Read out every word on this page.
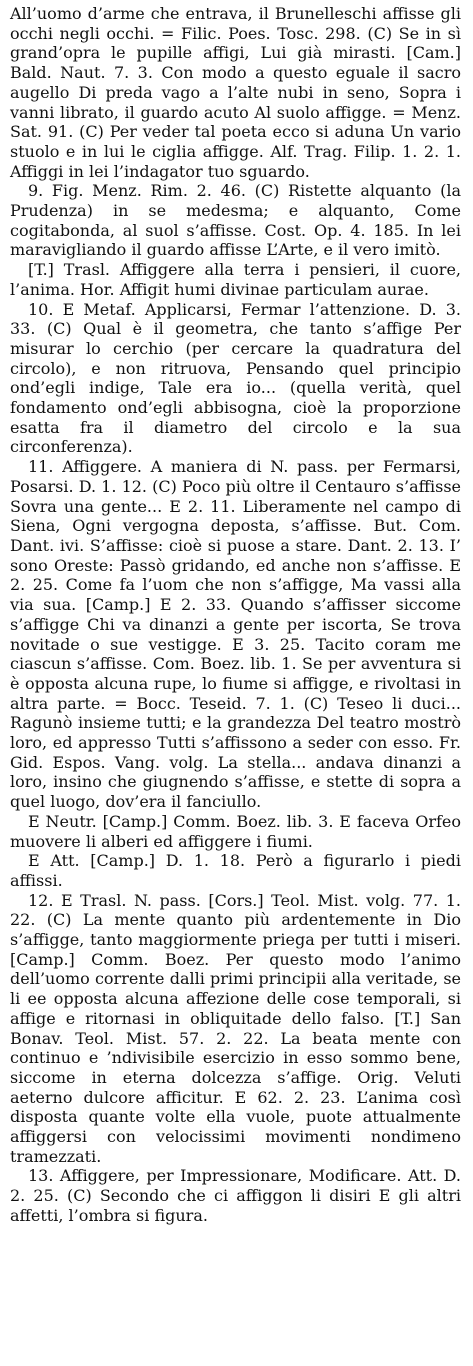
All’uomo d’arme che entrava, il Brunelleschi affisse gli occhi negli occhi. = Filic. Poes. Tosc. 298. (C) Se in sì grand’opra le pupille affigi, Lui già mirasti. [Cam.] Bald. Naut. 7. 3. Con modo a questo eguale il sacro augello Di preda vago a l’alte nubi in seno, Sopra i vanni librato, il guardo acuto Al suolo affigge. = Menz. Sat. 91. (C) Per veder tal poeta ecco si aduna Un vario stuolo e in lui le ciglia affigge. Alf. Trag. Filip. 1. 2. 1. Affiggi in lei l’indagator tuo sguardo.

9. Fig. Menz. Rim. 2. 46. (C) Ristette alquanto (la Prudenza) in se medesma; e alquanto, Come cogitabonda, al suol s’affisse. Cost. Op. 4. 185. In lei maravigliando il guardo affisse L’Arte, e il vero imitò.

[T.] Trasl. Affiggere alla terra i pensieri, il cuore, l’anima. Hor. Affigit humi divinae particulam aurae.

10. E Metaf. Applicarsi, Fermar l’attenzione. D. 3. 33. (C) Qual è il geometra, che tanto s’affige Per misurar lo cerchio (per cercare la quadratura del circolo), e non ritruova, Pensando quel principio ond’egli indige, Tale era io... (quella verità, quel fondamento ond’egli abbisogna, cioè la proporzione esatta fra il diametro del circolo e la sua circonferenza).

11. Affiggere. A maniera di N. pass. per Fermarsi, Posarsi. D. 1. 12. (C) Poco più oltre il Centauro s’affisse Sovra una gente... E 2. 11. Liberamente nel campo di Siena, Ogni vergogna deposta, s’affisse. But. Com. Dant. ivi. S’affisse: cioè si puose a stare. Dant. 2. 13. I’ sono Oreste: Passò gridando, ed anche non s’affisse. E 2. 25. Come fa l’uom che non s’affigge, Ma vassi alla via sua. [Camp.] E 2. 33. Quando s’affisser siccome s’affigge Chi va dinanzi a gente per iscorta, Se trova novitade o sue vestigge. E 3. 25. Tacito coram me ciascun s’affisse. Com. Boez. lib. 1. Se per avventura si è opposta alcuna rupe, lo fiume si affigge, e rivoltasi in altra parte. = Bocc. Teseid. 7. 1. (C) Teseo li duci... Ragunò insieme tutti; e la grandezza Del teatro mostrò loro, ed appresso Tutti s’affissono a seder con esso. Fr. Gid. Espos. Vang. volg. La stella... andava dinanzi a loro, insino che giugnendo s’affisse, e stette di sopra a quel luogo, dov’era il fanciullo.

E Neutr. [Camp.] Comm. Boez. lib. 3. E faceva Orfeo muovere li alberi ed affiggere i fiumi.

E Att. [Camp.] D. 1. 18. Però a figurarlo i piedi affissi.

12. E Trasl. N. pass. [Cors.] Teol. Mist. volg. 77. 1. 22. (C) La mente quanto più ardentemente in Dio s’affigge, tanto maggiormente priega per tutti i miseri. [Camp.] Comm. Boez. Per questo modo l’animo dell’uomo corrente dalli primi principii alla veritade, se li ee opposta alcuna affezione delle cose temporali, si affige e ritornasi in obliquitade dello falso. [T.] San Bonav. Teol. Mist. 57. 2. 22. La beata mente con continuo e ’ndivisibile esercizio in esso sommo bene, siccome in eterna dolcezza s’affige. Orig. Veluti aeterno dulcore afficitur. E 62. 2. 23. L’anima così disposta quante volte ella vuole, puote attualmente affiggersi con velocissimi movimenti nondimeno tramezzati.

13. Affiggere, per Impressionare, Modificare. Att. D. 2. 25. (C) Secondo che ci affiggon li disiri E gli altri affetti, l’ombra si figura.
